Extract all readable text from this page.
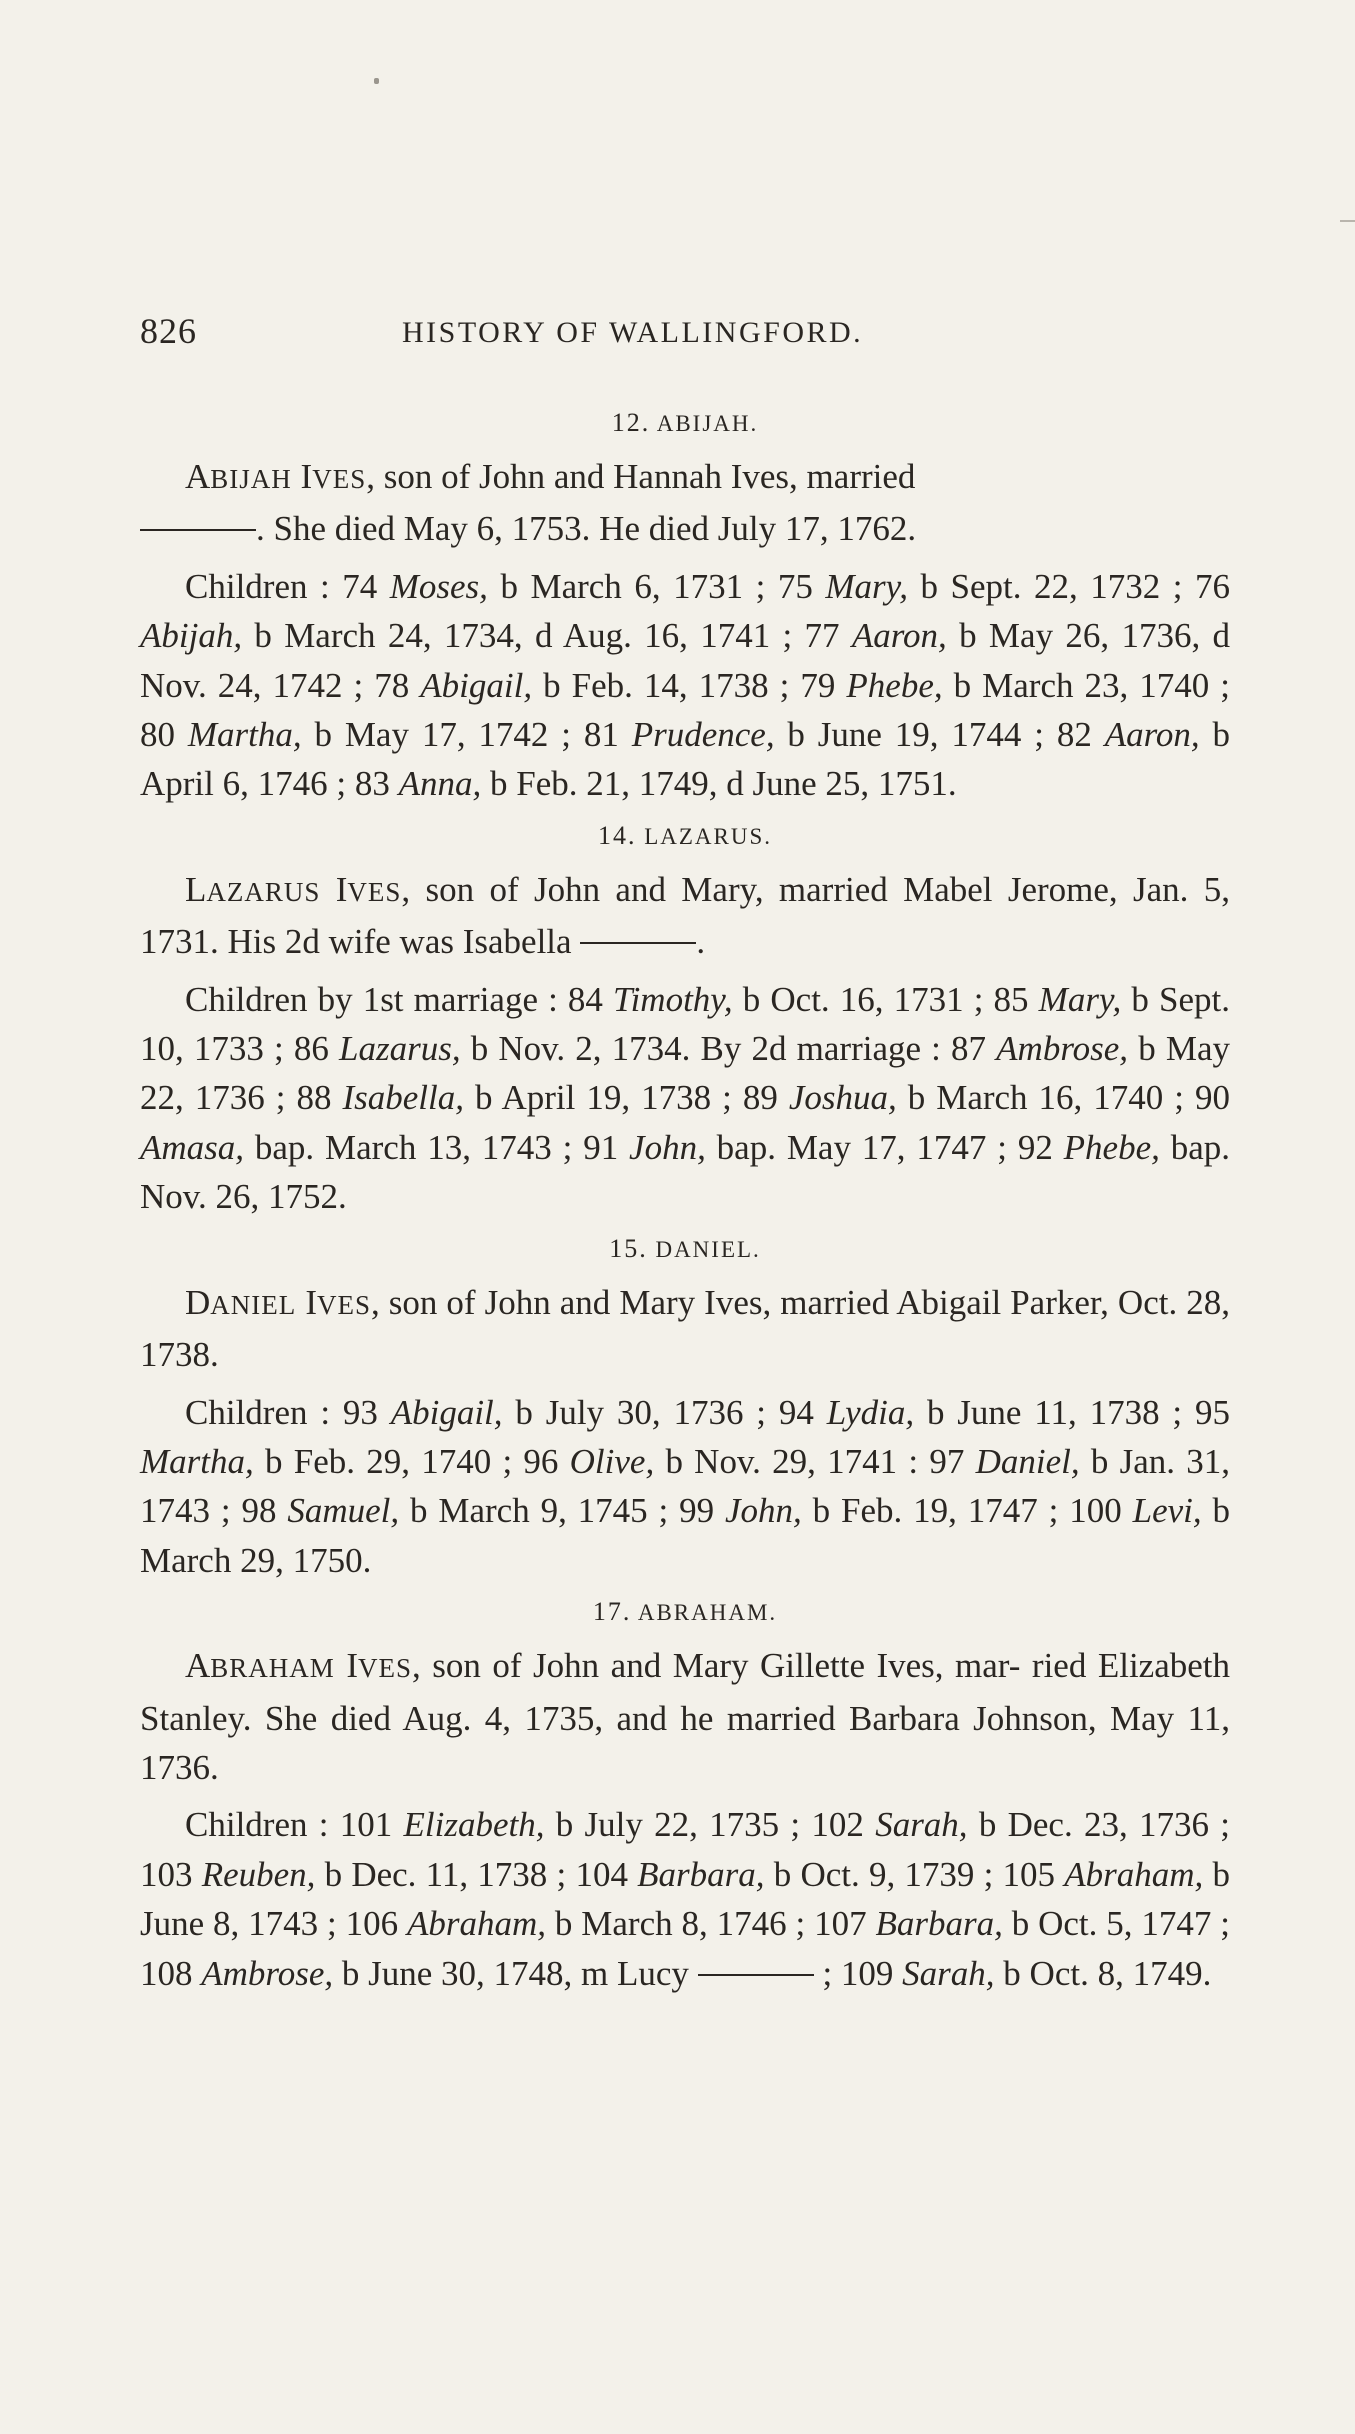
826	HISTORY OF WALLINGFORD.

12. ABIJAH.

ABIJAH IVES, son of John and Hannah Ives, married
. She died May 6, 1753. He died July 17, 1762.

Children : 74 Moses, b March 6, 1731 ; 75 Mary, b Sept. 22, 1732 ; 76 Abijah, b March 24, 1734, d Aug. 16, 1741 ; 77 Aaron, b May 26, 1736, d Nov. 24, 1742 ; 78 Abigail, b Feb. 14, 1738 ; 79 Phebe, b March 23, 1740 ; 80 Martha, b May 17, 1742 ; 81 Prudence, b June 19, 1744 ; 82 Aaron, b April 6, 1746 ; 83 Anna, b Feb. 21, 1749, d June 25, 1751.

14. LAZARUS.

LAZARUS IVES, son of John and Mary, married Mabel Jerome, Jan. 5, 1731. His 2d wife was Isabella	.

Children by 1st marriage : 84 Timothy, b Oct. 16, 1731 ; 85 Mary, b Sept. 10, 1733 ; 86 Lazarus, b Nov. 2, 1734. By 2d marriage : 87 Ambrose, b May 22, 1736 ; 88 Isabella, b April 19, 1738 ; 89 Joshua, b March 16, 1740 ; 90 Amasa, bap. March 13, 1743 ; 91 John, bap. May 17, 1747 ; 92 Phebe, bap. Nov. 26, 1752.

15. DANIEL.

DANIEL IVES, son of John and Mary Ives, married Abigail Parker, Oct. 28, 1738.

Children : 93 Abigail, b July 30, 1736 ; 94 Lydia, b June 11, 1738 ; 95 Martha, b Feb. 29, 1740 ; 96 Olive, b Nov. 29, 1741 : 97 Daniel, b Jan. 31, 1743 ; 98 Samuel, b March 9, 1745 ; 99 John, b Feb. 19, 1747 ; 100 Levi, b March 29, 1750.

17. ABRAHAM.

ABRAHAM IVES, son of John and Mary Gillette Ives, mar- ried Elizabeth Stanley. She died Aug. 4, 1735, and he married Barbara Johnson, May 11, 1736.

Children : 101 Elizabeth, b July 22, 1735 ; 102 Sarah, b Dec. 23, 1736 ; 103 Reuben, b Dec. 11, 1738 ; 104 Barbara, b Oct. 9, 1739 ; 105 Abraham, b June 8, 1743 ; 106 Abraham, b March 8, 1746 ; 107 Barbara, b Oct. 5, 1747 ; 108 Ambrose, b June 30, 1748, m Lucy	; 109 Sarah, b Oct. 8, 1749.
